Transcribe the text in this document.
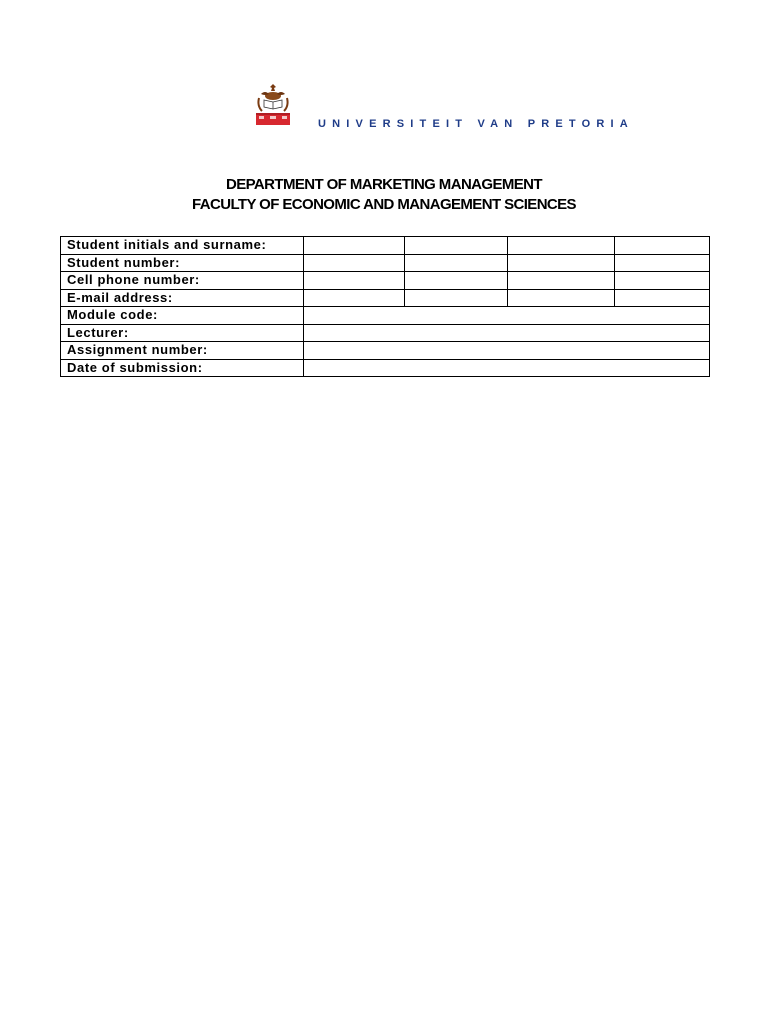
UNIVERSITEIT VAN PRETORIA
DEPARTMENT OF MARKETING MANAGEMENT
FACULTY OF ECONOMIC AND MANAGEMENT SCIENCES
Student initials and surname:				
Student number:				
Cell phone number:				
E-mail address:				
Module code:				
Lecturer:				
Assignment number:				
Date of submission:				
